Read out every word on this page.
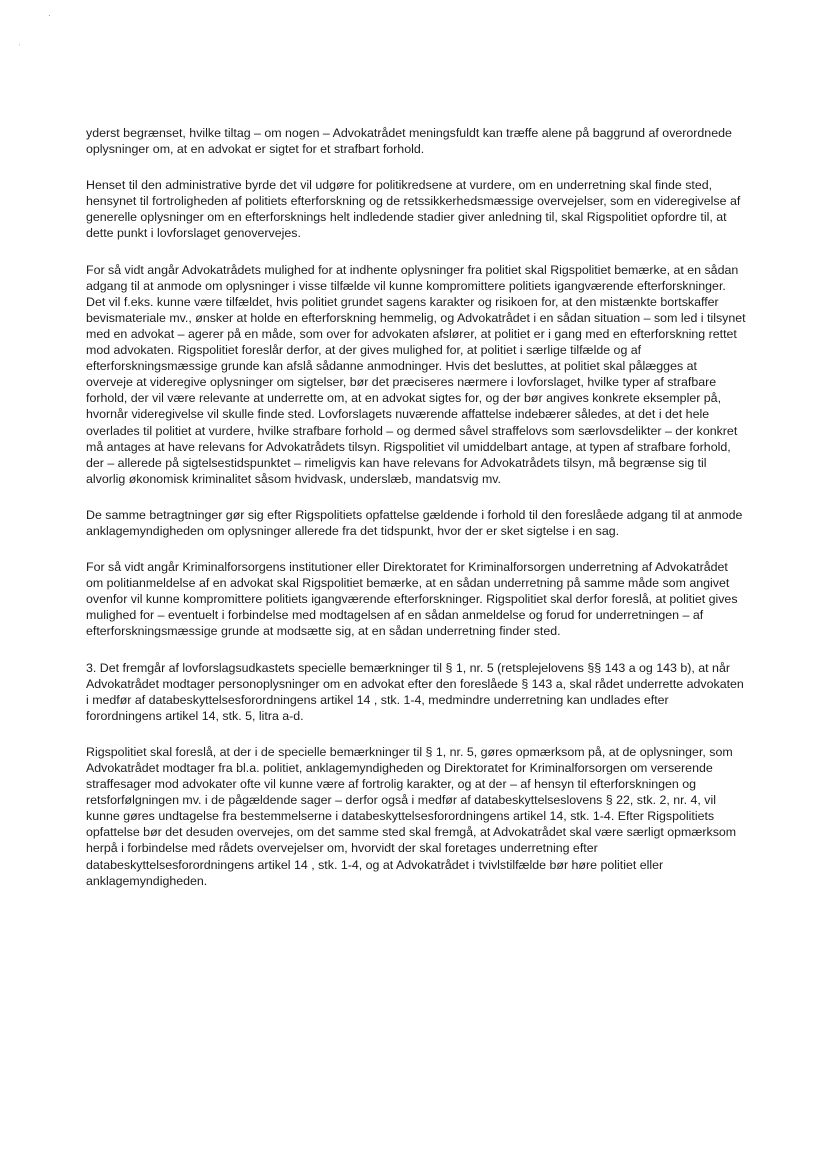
·
˒

yderst begrænset, hvilke tiltag – om nogen – Advokatrådet meningsfuldt kan træffe alene på baggrund af overordnede oplysninger om, at en advokat er sigtet for et strafbart forhold.

Henset til den administrative byrde det vil udgøre for politikredsene at vurdere, om en underretning skal finde sted, hensynet til fortroligheden af politiets efterforskning og de retssikkerhedsmæssige overvejelser, som en videregivelse af generelle oplysninger om en efterforsknings helt indledende stadier giver anledning til, skal Rigspolitiet opfordre til, at dette punkt i lovforslaget genovervejes.

For så vidt angår Advokatrådets mulighed for at indhente oplysninger fra politiet skal Rigspolitiet bemærke, at en sådan adgang til at anmode om oplysninger i visse tilfælde vil kunne kompromittere politiets igangværende efterforskninger. Det vil f.eks. kunne være tilfældet, hvis politiet grundet sagens karakter og risikoen for, at den mistænkte bortskaffer bevismateriale mv., ønsker at holde en efterforskning hemmelig, og Advokatrådet i en sådan situation – som led i tilsynet med en advokat – agerer på en måde, som over for advokaten afslører, at politiet er i gang med en efterforskning rettet mod advokaten. Rigspolitiet foreslår derfor, at der gives mulighed for, at politiet i særlige tilfælde og af efterforskningsmæssige grunde kan afslå sådanne anmodninger. Hvis det besluttes, at politiet skal pålægges at overveje at videregive oplysninger om sigtelser, bør det præciseres nærmere i lovforslaget, hvilke typer af strafbare forhold, der vil være relevante at underrette om, at en advokat sigtes for, og der bør angives konkrete eksempler på, hvornår videregivelse vil skulle finde sted. Lovforslagets nuværende affattelse indebærer således, at det i det hele overlades til politiet at vurdere, hvilke strafbare forhold – og dermed såvel straffelovs som særlovsdelikter – der konkret må antages at have relevans for Advokatrådets tilsyn. Rigspolitiet vil umiddelbart antage, at typen af strafbare forhold, der – allerede på sigtelsestidspunktet – rimeligvis kan have relevans for Advokatrådets tilsyn, må begrænse sig til alvorlig økonomisk kriminalitet såsom hvidvask, underslæb, mandatsvig mv.

De samme betragtninger gør sig efter Rigspolitiets opfattelse gældende i forhold til den foreslåede adgang til at anmode anklagemyndigheden om oplysninger allerede fra det tidspunkt, hvor der er sket sigtelse i en sag.

For så vidt angår Kriminalforsorgens institutioner eller Direktoratet for Kriminalforsorgen underretning af Advokatrådet om politianmeldelse af en advokat skal Rigspolitiet bemærke, at en sådan underretning på samme måde som angivet ovenfor vil kunne kompromittere politiets igangværende efterforskninger. Rigspolitiet skal derfor foreslå, at politiet gives mulighed for – eventuelt i forbindelse med modtagelsen af en sådan anmeldelse og forud for underretningen – af efterforskningsmæssige grunde at modsætte sig, at en sådan underretning finder sted.

3. Det fremgår af lovforslagsudkastets specielle bemærkninger til § 1, nr. 5 (retsplejelovens §§ 143 a og 143 b), at når Advokatrådet modtager personoplysninger om en advokat efter den foreslåede § 143 a, skal rådet underrette advokaten i medfør af databeskyttelsesforordningens artikel 14 , stk. 1-4, medmindre underretning kan undlades efter forordningens artikel 14, stk. 5, litra a-d.

Rigspolitiet skal foreslå, at der i de specielle bemærkninger til § 1, nr. 5, gøres opmærksom på, at de oplysninger, som Advokatrådet modtager fra bl.a. politiet, anklagemyndigheden og Direktoratet for Kriminalforsorgen om verserende straffesager mod advokater ofte vil kunne være af fortrolig karakter, og at der – af hensyn til efterforskningen og retsforfølgningen mv. i de pågældende sager – derfor også i medfør af databeskyttelseslovens § 22, stk. 2, nr. 4, vil kunne gøres undtagelse fra bestemmelserne i databeskyttelsesforordningens artikel 14, stk. 1-4. Efter Rigspolitiets opfattelse bør det desuden overvejes, om det samme sted skal fremgå, at Advokatrådet skal være særligt opmærksom herpå i forbindelse med rådets overvejelser om, hvorvidt der skal foretages underretning efter databeskyttelsesforordningens artikel 14 , stk. 1-4, og at Advokatrådet i tvivlstilfælde bør høre politiet eller anklagemyndigheden.
